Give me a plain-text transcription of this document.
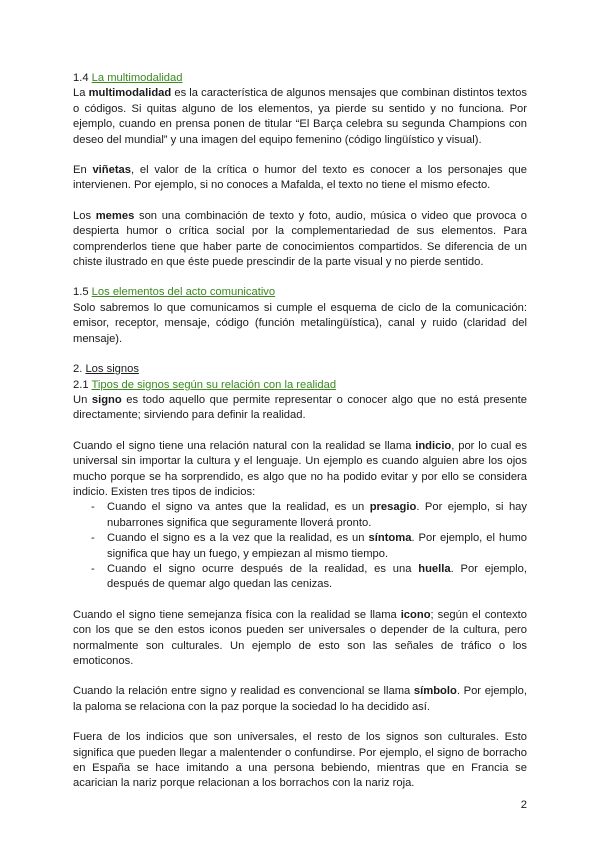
1.4 La multimodalidad

La multimodalidad es la característica de algunos mensajes que combinan distintos textos o códigos. Si quitas alguno de los elementos, ya pierde su sentido y no funciona. Por ejemplo, cuando en prensa ponen de titular “El Barça celebra su segunda Champions con deseo del mundial” y una imagen del equipo femenino (código lingüístico y visual).

En viñetas, el valor de la crítica o humor del texto es conocer a los personajes que intervienen. Por ejemplo, si no conoces a Mafalda, el texto no tiene el mismo efecto.

Los memes son una combinación de texto y foto, audio, música o video que provoca o despierta humor o crítica social por la complementariedad de sus elementos. Para comprenderlos tiene que haber parte de conocimientos compartidos. Se diferencia de un chiste ilustrado en que éste puede prescindir de la parte visual y no pierde sentido.

1.5 Los elementos del acto comunicativo

Solo sabremos lo que comunicamos si cumple el esquema de ciclo de la comunicación: emisor, receptor, mensaje, código (función metalingüística), canal y ruido (claridad del mensaje).

2. Los signos
2.1 Tipos de signos según su relación con la realidad

Un signo es todo aquello que permite representar o conocer algo que no está presente directamente; sirviendo para definir la realidad.

Cuando el signo tiene una relación natural con la realidad se llama indicio, por lo cual es universal sin importar la cultura y el lenguaje. Un ejemplo es cuando alguien abre los ojos mucho porque se ha sorprendido, es algo que no ha podido evitar y por ello se considera indicio. Existen tres tipos de indicios:

- Cuando el signo va antes que la realidad, es un presagio. Por ejemplo, si hay nubarrones significa que seguramente lloverá pronto.
- Cuando el signo es a la vez que la realidad, es un síntoma. Por ejemplo, el humo significa que hay un fuego, y empiezan al mismo tiempo.
- Cuando el signo ocurre después de la realidad, es una huella. Por ejemplo, después de quemar algo quedan las cenizas.

Cuando el signo tiene semejanza física con la realidad se llama icono; según el contexto con los que se den estos iconos pueden ser universales o depender de la cultura, pero normalmente son culturales. Un ejemplo de esto son las señales de tráfico o los emoticonos.

Cuando la relación entre signo y realidad es convencional se llama símbolo. Por ejemplo, la paloma se relaciona con la paz porque la sociedad lo ha decidido así.

Fuera de los indicios que son universales, el resto de los signos son culturales. Esto significa que pueden llegar a malentender o confundirse. Por ejemplo, el signo de borracho en España se hace imitando a una persona bebiendo, mientras que en Francia se acarician la nariz porque relacionan a los borrachos con la nariz roja.

2
